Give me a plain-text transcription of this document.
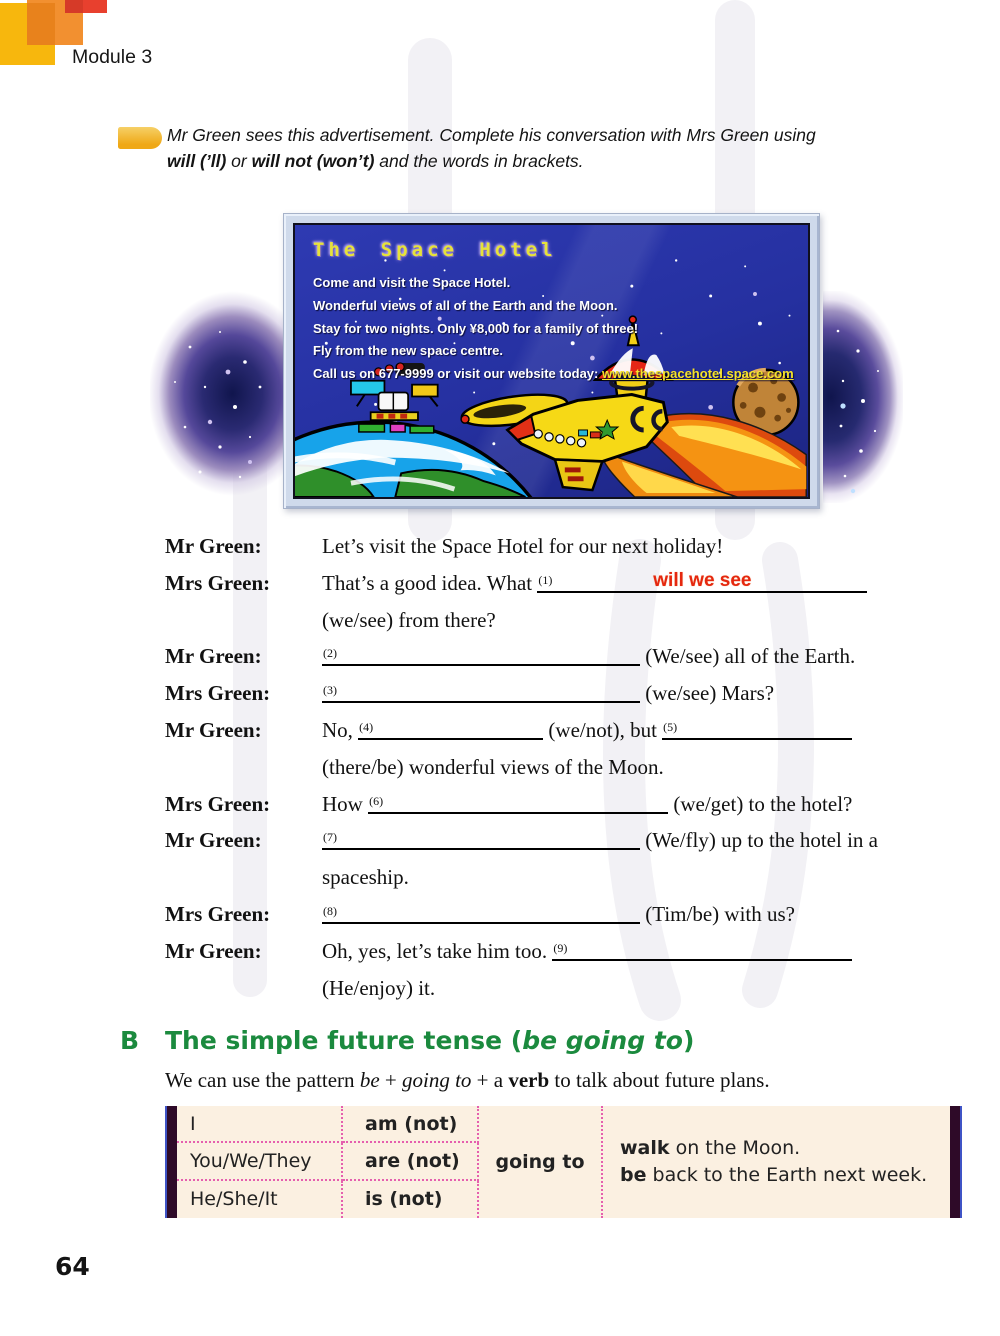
Module 3

Mr Green sees this advertisement. Complete his conversation with Mrs Green using
will (’ll) or will not (won’t) and the words in brackets.

The Space Hotel
Come and visit the Space Hotel.
Wonderful views of all of the Earth and the Moon.
Stay for two nights. Only ¥8,000 for a family of three!
Fly from the new space centre.
Call us on 677-9999 or visit our website today: www.thespacehotel.space.com
Mr Green:	Let’s visit the Space Hotel for our next holiday!
Mrs Green:	That’s a good idea. What (1)	will we see
(we/see) from there?
Mr Green:	(2)	(We/see) all of the Earth.
Mrs Green:	(3)	(we/see) Mars?
Mr Green:	No, (4)	(we/not), but (5)
(there/be) wonderful views of the Moon.
Mrs Green:	How (6)	(we/get) to the hotel?
Mr Green:	(7)	(We/fly) up to the hotel in a
spaceship.
Mrs Green:	(8)	(Tim/be) with us?
Mr Green:	Oh, yes, let’s take him too. (9)
(He/enjoy) it.
B	The simple future tense (be going to)

We can use the pattern be + going to + a verb to talk about future plans.

I	am (not)
You/We/They	are (not)
He/She/It	is (not)
going to
walk on the Moon.
be back to the Earth next week.
64
